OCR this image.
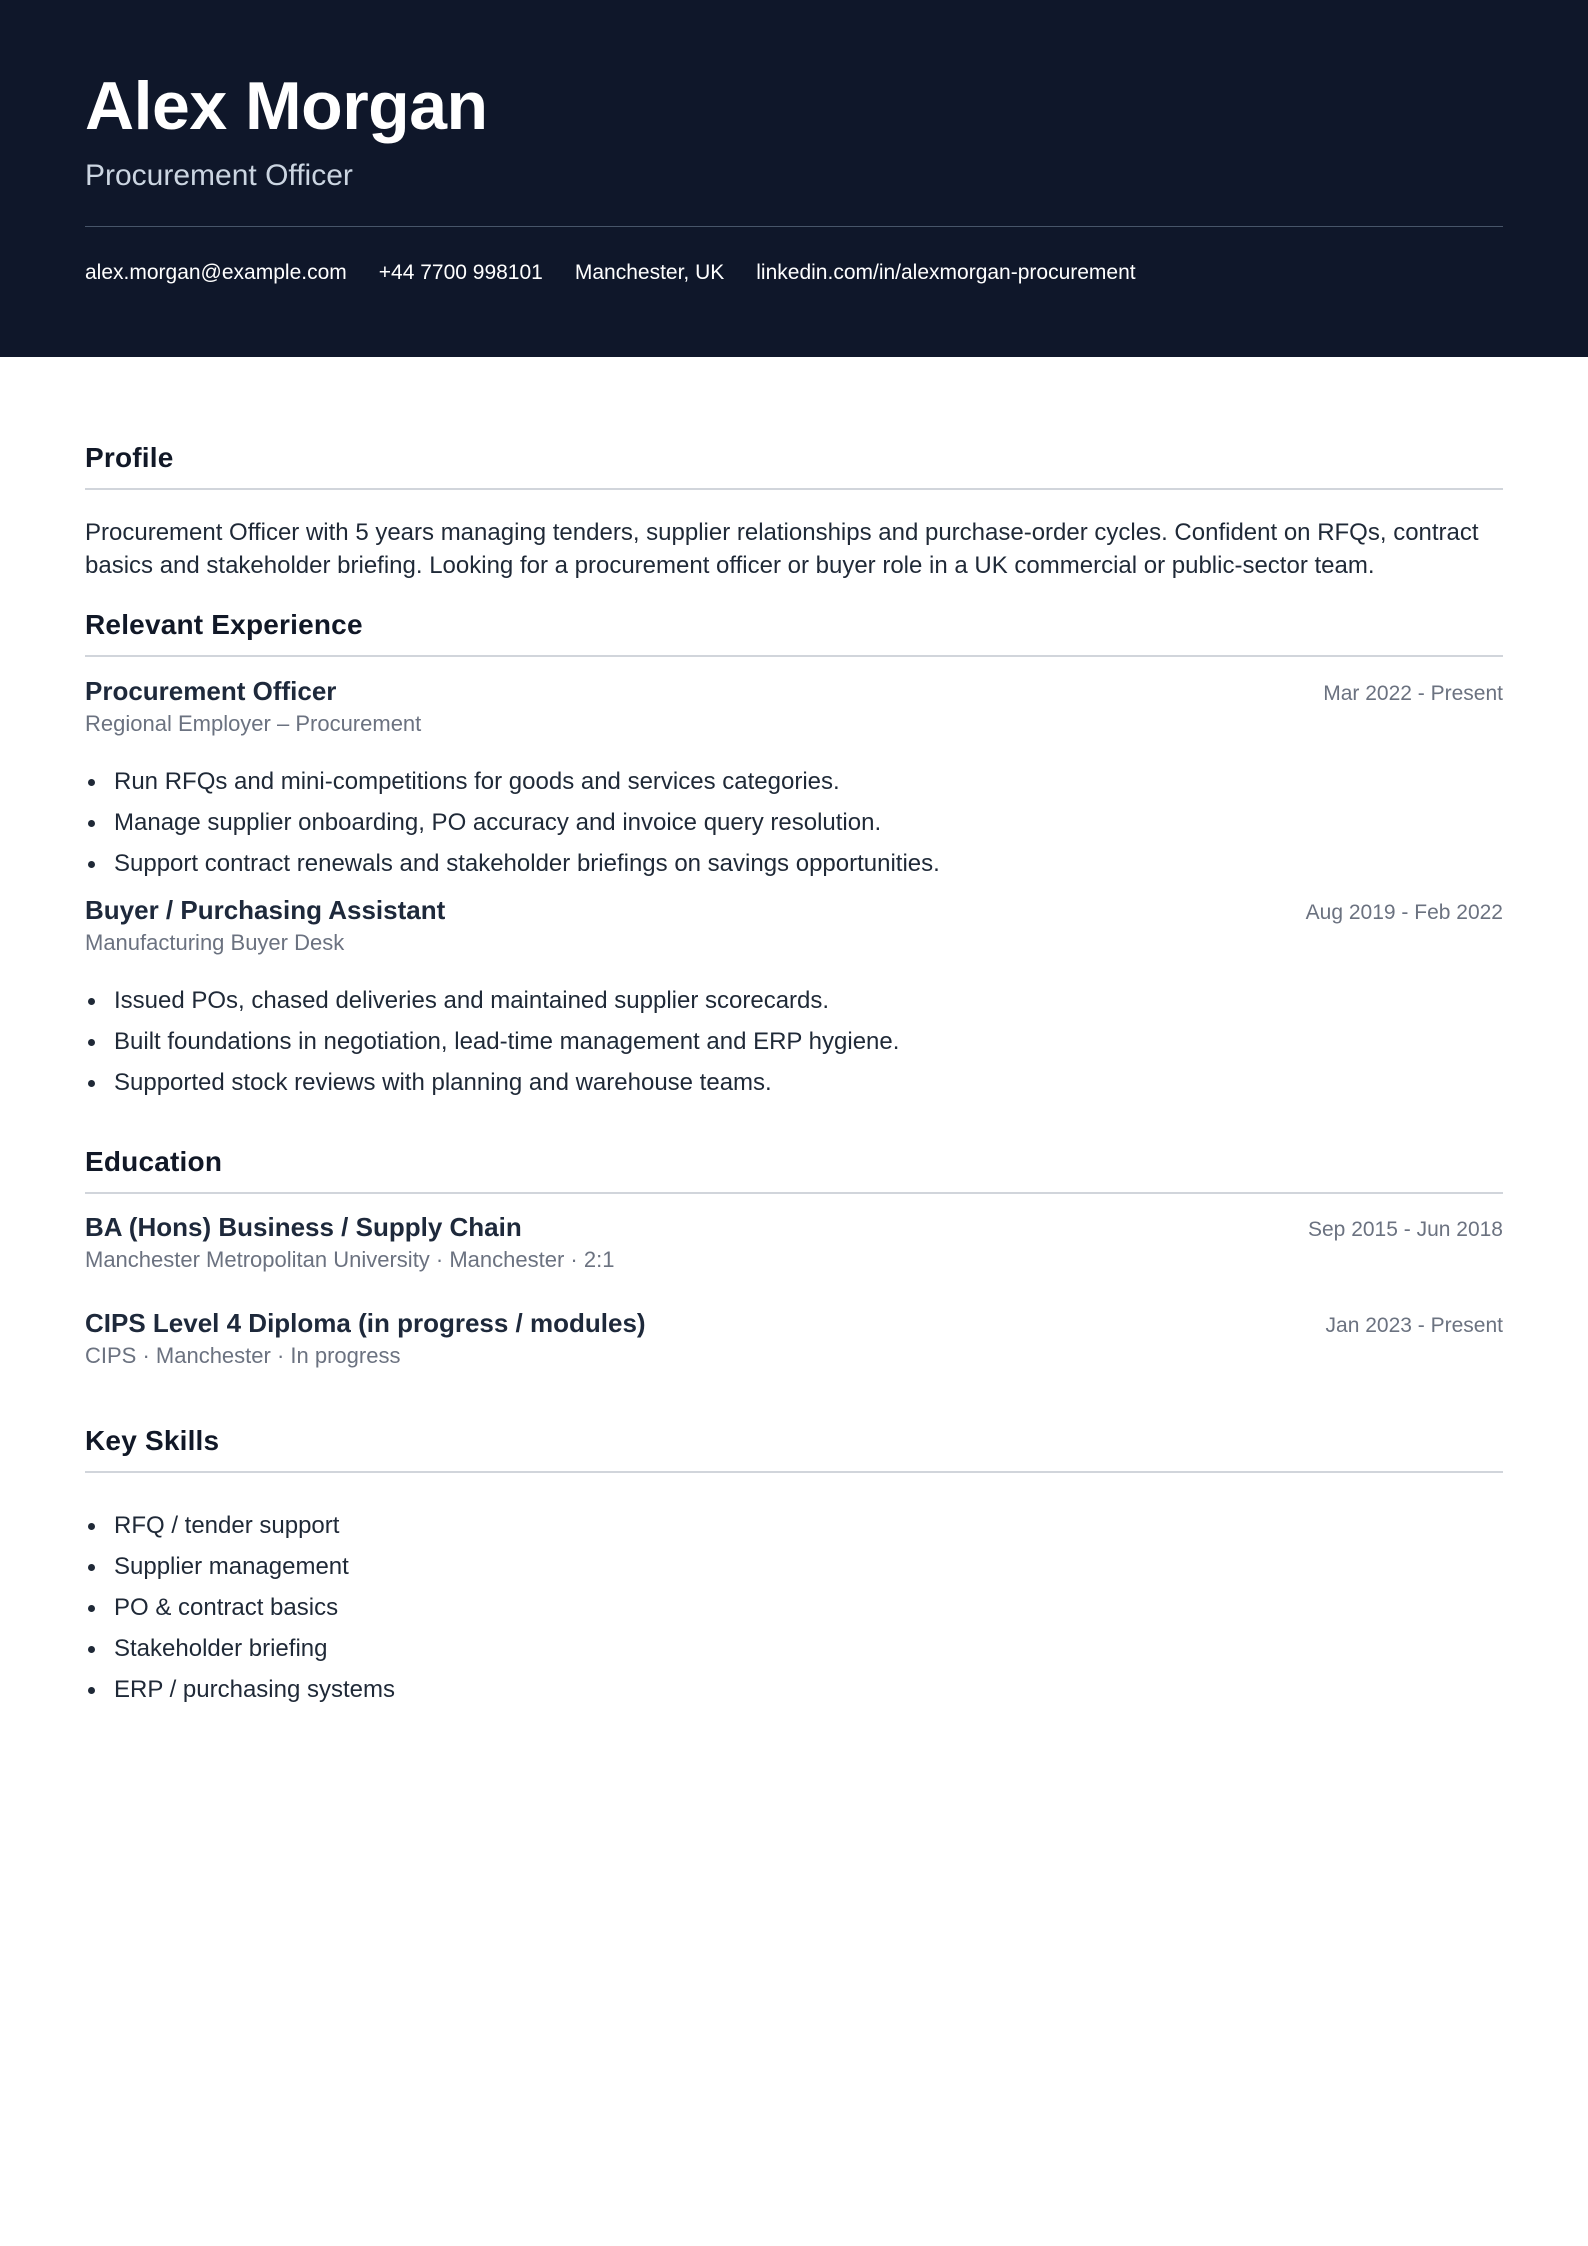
Alex Morgan
Procurement Officer
alex.morgan@example.com +44 7700 998101 Manchester, UK linkedin.com/in/alexmorgan-procurement
Profile
Procurement Officer with 5 years managing tenders, supplier relationships and purchase-order cycles. Confident on RFQs, contract basics and stakeholder briefing. Looking for a procurement officer or buyer role in a UK commercial or public-sector team.
Relevant Experience
Procurement Officer	Mar 2022 - Present
Regional Employer – Procurement
Run RFQs and mini-competitions for goods and services categories.
Manage supplier onboarding, PO accuracy and invoice query resolution.
Support contract renewals and stakeholder briefings on savings opportunities.
Buyer / Purchasing Assistant	Aug 2019 - Feb 2022
Manufacturing Buyer Desk
Issued POs, chased deliveries and maintained supplier scorecards.
Built foundations in negotiation, lead-time management and ERP hygiene.
Supported stock reviews with planning and warehouse teams.
Education
BA (Hons) Business / Supply Chain	Sep 2015 - Jun 2018
Manchester Metropolitan University · Manchester · 2:1
CIPS Level 4 Diploma (in progress / modules)	Jan 2023 - Present
CIPS · Manchester · In progress
Key Skills
RFQ / tender support
Supplier management
PO & contract basics
Stakeholder briefing
ERP / purchasing systems
